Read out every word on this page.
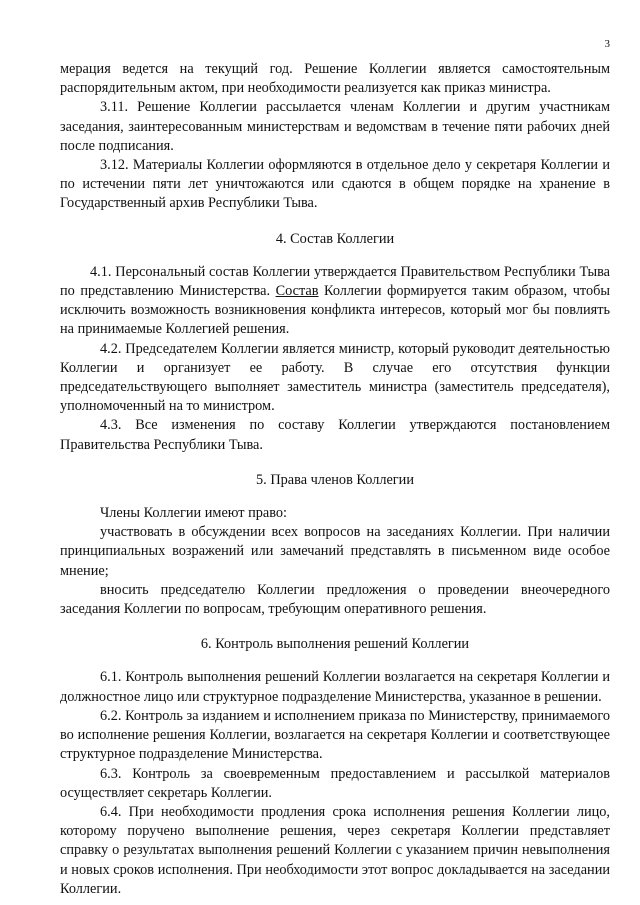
3

мерация ведется на текущий год. Решение Коллегии является самостоятельным распорядительным актом, при необходимости реализуется как приказ министра.

3.11. Решение Коллегии рассылается членам Коллегии и другим участникам заседания, заинтересованным министерствам и ведомствам в течение пяти рабочих дней после подписания.

3.12. Материалы Коллегии оформляются в отдельное дело у секретаря Коллегии и по истечении пяти лет уничтожаются или сдаются в общем порядке на хранение в Государственный архив Республики Тыва.

4. Состав Коллегии

4.1. Персональный состав Коллегии утверждается Правительством Республики Тыва по представлению Министерства. Состав Коллегии формируется таким образом, чтобы исключить возможность возникновения конфликта интересов, который мог бы повлиять на принимаемые Коллегией решения.

4.2. Председателем Коллегии является министр, который руководит деятельностью Коллегии и организует ее работу. В случае его отсутствия функции председательствующего выполняет заместитель министра (заместитель председателя), уполномоченный на то министром.

4.3. Все изменения по составу Коллегии утверждаются постановлением Правительства Республики Тыва.

5. Права членов Коллегии

Члены Коллегии имеют право:

участвовать в обсуждении всех вопросов на заседаниях Коллегии. При наличии принципиальных возражений или замечаний представлять в письменном виде особое мнение;

вносить председателю Коллегии предложения о проведении внеочередного заседания Коллегии по вопросам, требующим оперативного решения.

6. Контроль выполнения решений Коллегии

6.1. Контроль выполнения решений Коллегии возлагается на секретаря Коллегии и должностное лицо или структурное подразделение Министерства, указанное в решении.

6.2. Контроль за изданием и исполнением приказа по Министерству, принимаемого во исполнение решения Коллегии, возлагается на секретаря Коллегии и соответствующее структурное подразделение Министерства.

6.3. Контроль за своевременным предоставлением и рассылкой материалов осуществляет секретарь Коллегии.

6.4. При необходимости продления срока исполнения решения Коллегии лицо, которому поручено выполнение решения, через секретаря Коллегии представляет справку о результатах выполнения решений Коллегии с указанием причин невыполнения и новых сроков исполнения. При необходимости этот вопрос докладывается на заседании Коллегии.
